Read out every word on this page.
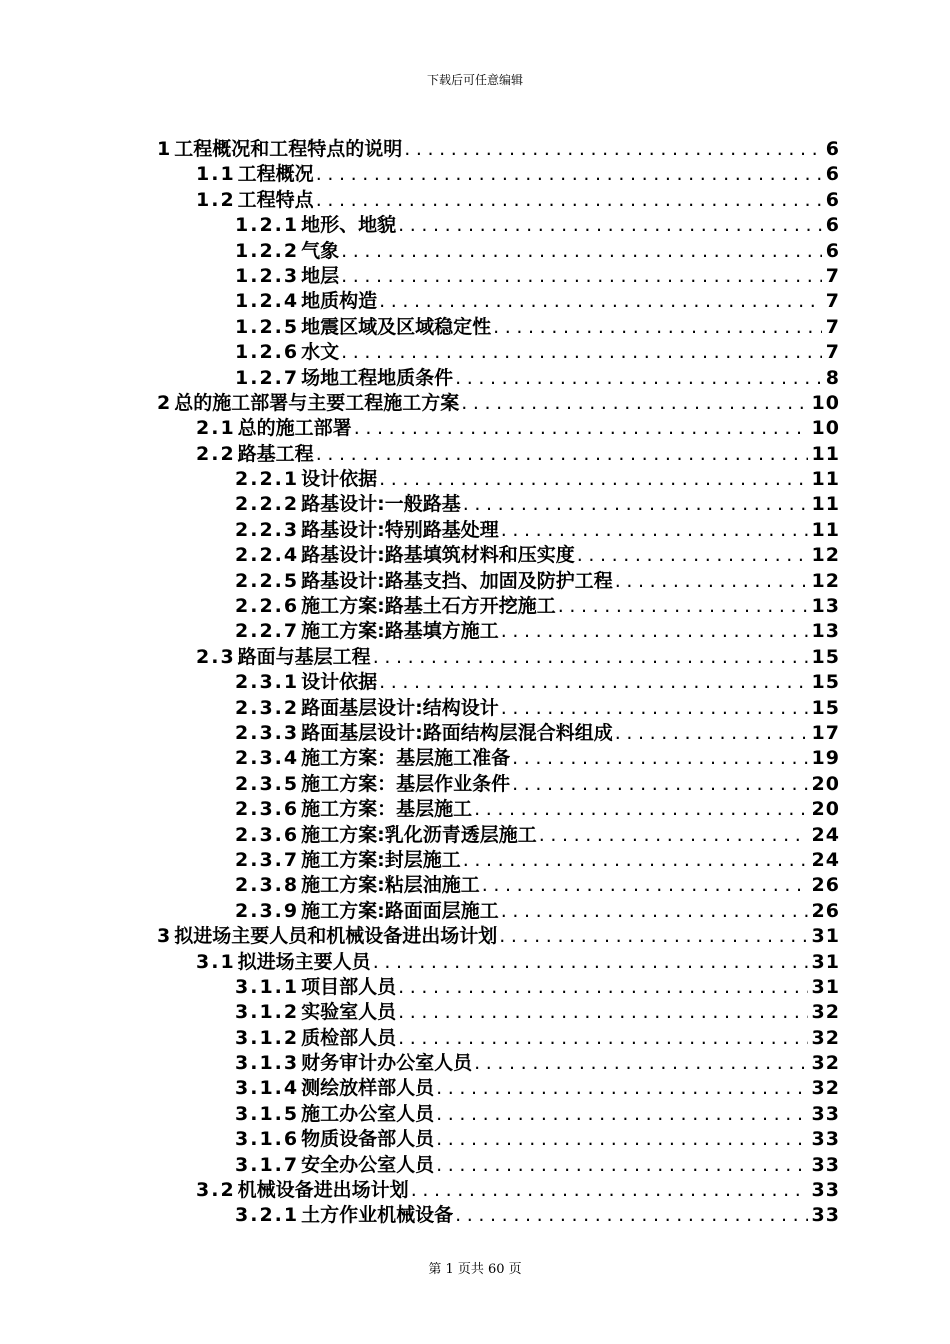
下载后可任意编辑
1 工程概况和工程特点的说明 .....	6
1.1 工程概况 .....	6
1.2 工程特点 .....	6
1.2.1 地形、地貌 .....	6
1.2.2 气象 .....	6
1.2.3 地层 .....	7
1.2.4 地质构造 .....	7
1.2.5 地震区域及区域稳定性 .....	7
1.2.6 水文 .....	7
1.2.7 场地工程地质条件 .....	8
2 总的施工部署与主要工程施工方案 .....	10
2.1 总的施工部署 .....	10
2.2 路基工程 .....	11
2.2.1 设计依据 .....	11
2.2.2 路基设计:一般路基 .....	11
2.2.3 路基设计:特别路基处理 .....	11
2.2.4 路基设计:路基填筑材料和压实度 .....	12
2.2.5 路基设计:路基支挡、加固及防护工程 .....	12
2.2.6 施工方案:路基土石方开挖施工 .....	13
2.2.7 施工方案:路基填方施工 .....	13
2.3 路面与基层工程 .....	15
2.3.1 设计依据 .....	15
2.3.2 路面基层设计:结构设计 .....	15
2.3.3 路面基层设计:路面结构层混合料组成 .....	17
2.3.4 施工方案：基层施工准备 .....	19
2.3.5 施工方案：基层作业条件 .....	20
2.3.6 施工方案：基层施工 .....	20
2.3.6 施工方案:乳化沥青透层施工 .....	24
2.3.7 施工方案:封层施工 .....	24
2.3.8 施工方案:粘层油施工 .....	26
2.3.9 施工方案:路面面层施工 .....	26
3 拟进场主要人员和机械设备进出场计划 .....	31
3.1 拟进场主要人员 .....	31
3.1.1 项目部人员 .....	31
3.1.2 实验室人员 .....	32
3.1.2 质检部人员 .....	32
3.1.3 财务审计办公室人员 .....	32
3.1.4 测绘放样部人员 .....	32
3.1.5 施工办公室人员 .....	33
3.1.6 物质设备部人员 .....	33
3.1.7 安全办公室人员 .....	33
3.2 机械设备进出场计划 .....	33
3.2.1 土方作业机械设备 .....	33
第 1 页共 60 页
